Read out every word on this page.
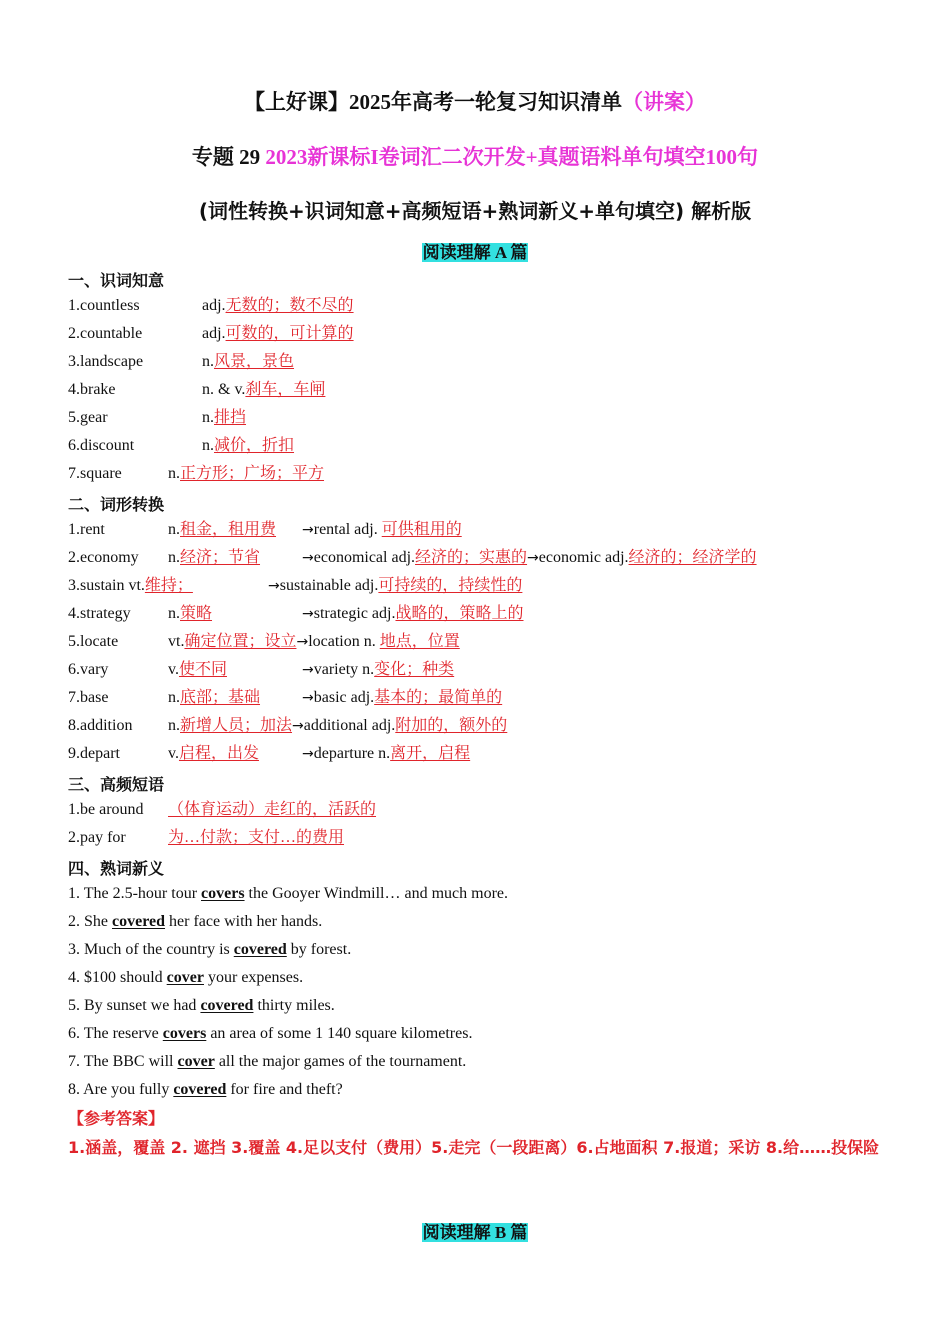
【上好课】2025年高考一轮复习知识清单（讲案）
专题 29 2023新课标I卷词汇二次开发+真题语料单句填空100句
(词性转换+识词知意+高频短语+熟词新义+单句填空) 解析版
阅读理解 A 篇
一、识词知意
1.countless	adj.无数的；数不尽的
2.countable	adj.可数的，可计算的
3.landscape	n.风景，景色
4.brake	n. & v.刹车，车闸
5.gear	n.排挡
6.discount	n.减价，折扣
7.square	n.正方形；广场；平方
二、词形转换
1.rent	n.租金，租用费 →rental adj. 可供租用的
2.economy n.经济；节省	→economical adj.经济的；实惠的→economic adj.经济的；经济学的
3.sustain vt.维持；	→sustainable adj.可持续的，持续性的
4.strategy n.策略	→strategic adj.战略的，策略上的
5.locate	vt.确定位置；设立→location n. 地点，位置
6.vary	v.使不同	→variety n.变化；种类
7.base	n.底部；基础	→basic adj.基本的；最简单的
8.addition n.新增人员；加法→additional adj.附加的，额外的
9.depart	v.启程，出发	→departure n.离开，启程
三、高频短语
1.be around （体育运动）走红的，活跃的
2.pay for	为…付款；支付…的费用
四、熟词新义
1. The 2.5-hour tour covers the Gooyer Windmill… and much more.
2. She covered her face with her hands.
3. Much of the country is covered by forest.
4. $100 should cover your expenses.
5. By sunset we had covered thirty miles.
6. The reserve covers an area of some 1 140 square kilometres.
7. The BBC will cover all the major games of the tournament.
8. Are you fully covered for fire and theft?
【参考答案】
1.涵盖，覆盖 2. 遮挡 3.覆盖 4.足以支付（费用）5.走完（一段距离）6.占地面积 7.报道；采访 8.给……投保险
阅读理解 B 篇
